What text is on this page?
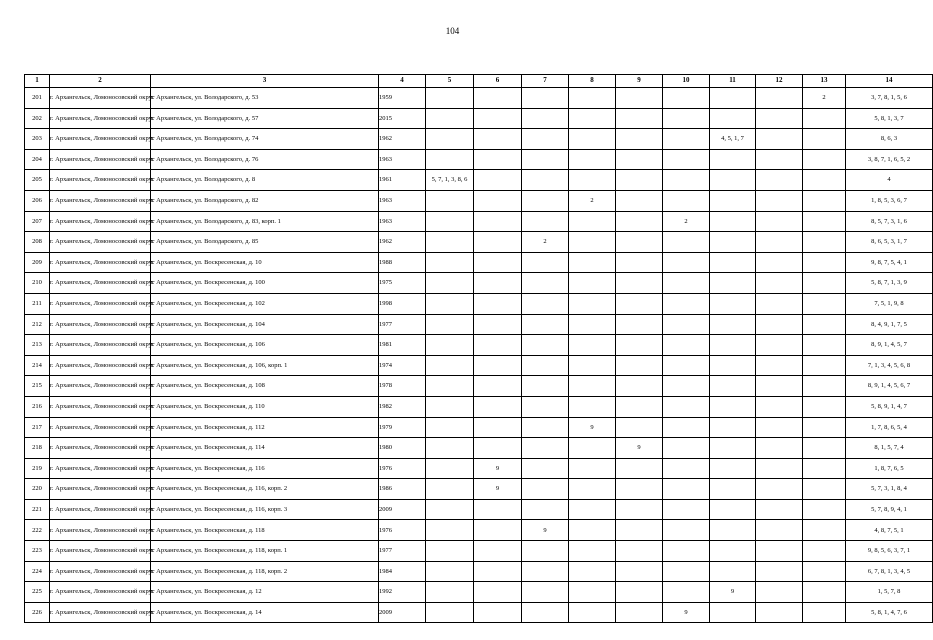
104
1	2	3	4	5	6	7	8	9	10	11	12	13	14
201	г. Архангельск, Ломоносовский округ	г. Архангельск, ул. Володарского, д. 53	1959									2	3, 7, 8, 1, 5, 6
202	г. Архангельск, Ломоносовский округ	г. Архангельск, ул. Володарского, д. 57	2015										5, 8, 1, 3, 7
203	г. Архангельск, Ломоносовский округ	г. Архангельск, ул. Володарского, д. 74	1962							4, 5, 1, 7			8, 6, 3
204	г. Архангельск, Ломоносовский округ	г. Архангельск, ул. Володарского, д. 76	1963										3, 8, 7, 1, 6, 5, 2
205	г. Архангельск, Ломоносовский округ	г. Архангельск, ул. Володарского, д. 8	1961	5, 7, 1, 3, 8, 6									4
206	г. Архангельск, Ломоносовский округ	г. Архангельск, ул. Володарского, д. 82	1963				2						1, 8, 5, 3, 6, 7
207	г. Архангельск, Ломоносовский округ	г. Архангельск, ул. Володарского, д. 83, корп. 1	1963						2				8, 5, 7, 3, 1, 6
208	г. Архангельск, Ломоносовский округ	г. Архангельск, ул. Володарского, д. 85	1962			2							8, 6, 5, 3, 1, 7
209	г. Архангельск, Ломоносовский округ	г. Архангельск, ул. Воскресенская, д. 10	1988										9, 8, 7, 5, 4, 1
210	г. Архангельск, Ломоносовский округ	г. Архангельск, ул. Воскресенская, д. 100	1975										5, 8, 7, 1, 3, 9
211	г. Архангельск, Ломоносовский округ	г. Архангельск, ул. Воскресенская, д. 102	1998										7, 5, 1, 9, 8
212	г. Архангельск, Ломоносовский округ	г. Архангельск, ул. Воскресенская, д. 104	1977										8, 4, 9, 1, 7, 5
213	г. Архангельск, Ломоносовский округ	г. Архангельск, ул. Воскресенская, д. 106	1981										8, 9, 1, 4, 5, 7
214	г. Архангельск, Ломоносовский округ	г. Архангельск, ул. Воскресенская, д. 106, корп. 1	1974										7, 1, 3, 4, 5, 6, 8
215	г. Архангельск, Ломоносовский округ	г. Архангельск, ул. Воскресенская, д. 108	1978										8, 9, 1, 4, 5, 6, 7
216	г. Архангельск, Ломоносовский округ	г. Архангельск, ул. Воскресенская, д. 110	1982										5, 8, 9, 1, 4, 7
217	г. Архангельск, Ломоносовский округ	г. Архангельск, ул. Воскресенская, д. 112	1979				9						1, 7, 8, 6, 5, 4
218	г. Архангельск, Ломоносовский округ	г. Архангельск, ул. Воскресенская, д. 114	1980					9					8, 1, 5, 7, 4
219	г. Архангельск, Ломоносовский округ	г. Архангельск, ул. Воскресенская, д. 116	1976		9								1, 8, 7, 6, 5
220	г. Архангельск, Ломоносовский округ	г. Архангельск, ул. Воскресенская, д. 116, корп. 2	1986		9								5, 7, 3, 1, 8, 4
221	г. Архангельск, Ломоносовский округ	г. Архангельск, ул. Воскресенская, д. 116, корп. 3	2009										5, 7, 8, 9, 4, 1
222	г. Архангельск, Ломоносовский округ	г. Архангельск, ул. Воскресенская, д. 118	1976			9							4, 8, 7, 5, 1
223	г. Архангельск, Ломоносовский округ	г. Архангельск, ул. Воскресенская, д. 118, корп. 1	1977										9, 8, 5, 6, 3, 7, 1
224	г. Архангельск, Ломоносовский округ	г. Архангельск, ул. Воскресенская, д. 118, корп. 2	1984										6, 7, 8, 1, 3, 4, 5
225	г. Архангельск, Ломоносовский округ	г. Архангельск, ул. Воскресенская, д. 12	1992							9			1, 5, 7, 8
226	г. Архангельск, Ломоносовский округ	г. Архангельск, ул. Воскресенская, д. 14	2009						9				5, 8, 1, 4, 7, 6
